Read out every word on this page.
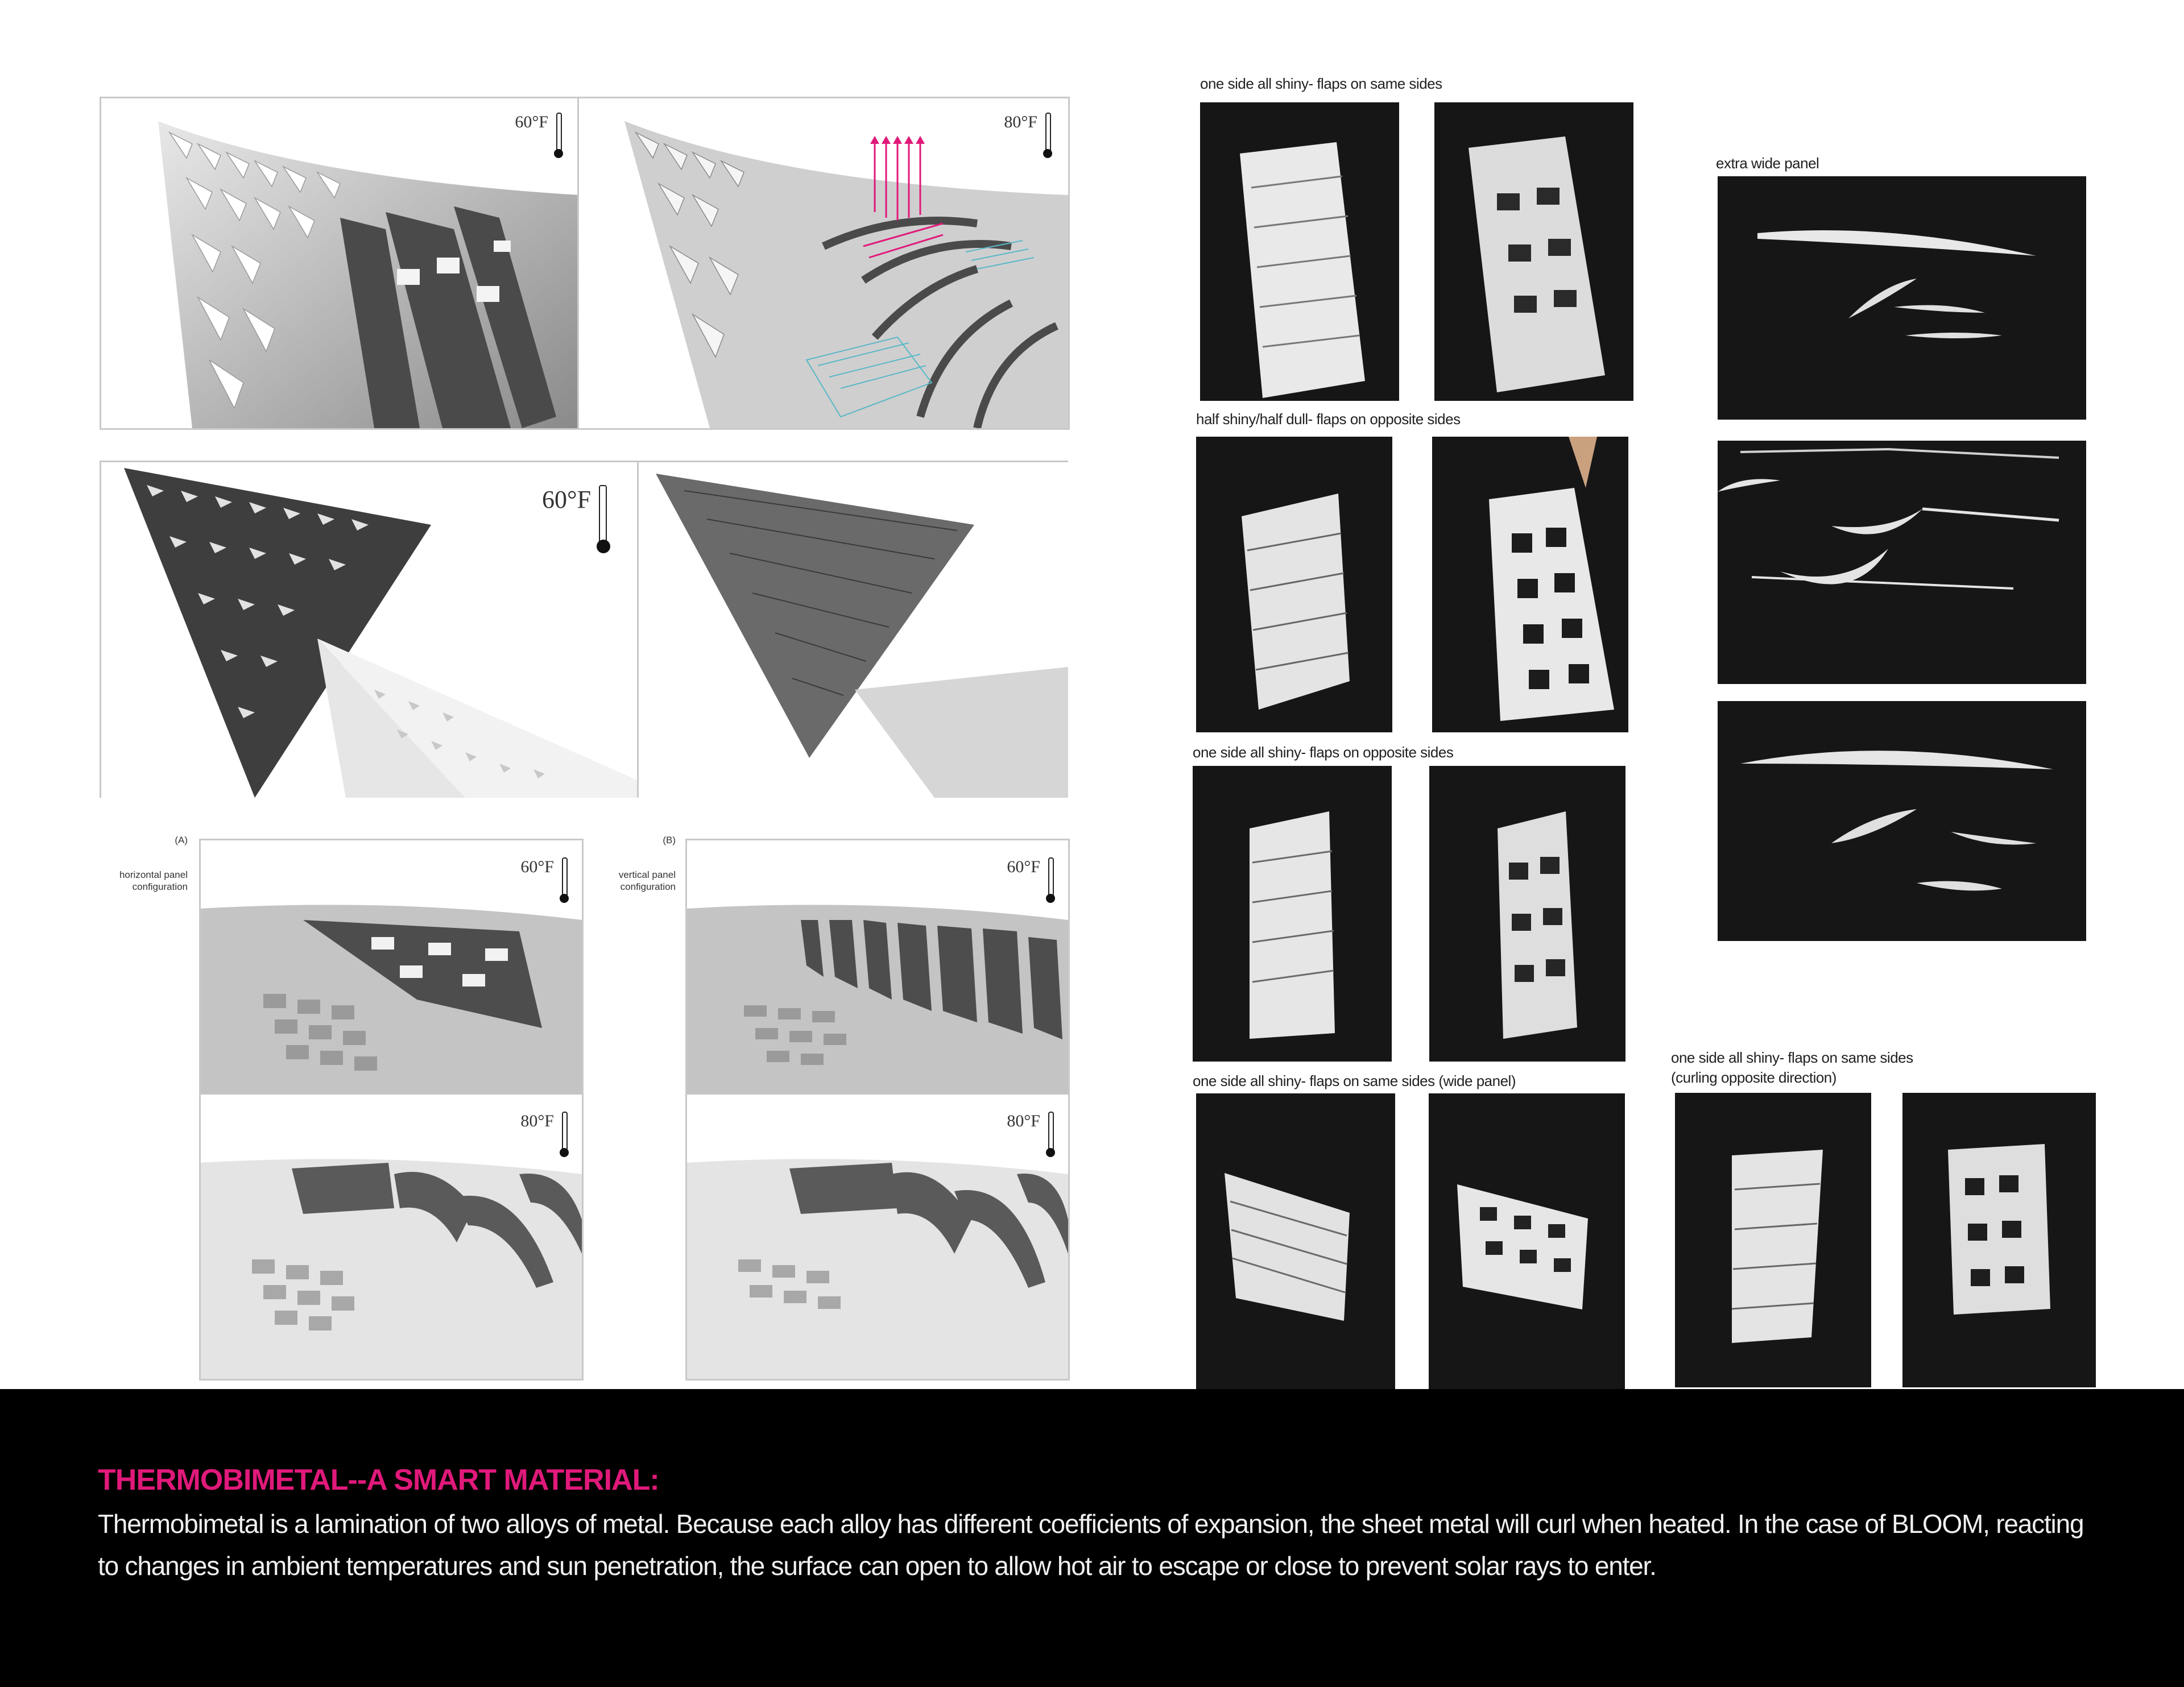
60°F	80°F
60°F
(A)
horizontal panel configuration
(B)
vertical panel configuration
60°F
80°F
60°F
80°F
one side all shiny- flaps on same sides
half shiny/half dull- flaps on opposite sides
one side all shiny- flaps on opposite sides
one side all shiny- flaps on same sides (wide panel)
extra wide panel
one side all shiny- flaps on same sides
(curling opposite direction)
THERMOBIMETAL--A SMART MATERIAL:
Thermobimetal is a lamination of two alloys of metal. Because each alloy has different coefficients of expansion, the sheet metal will curl when heated. In the case of BLOOM, reacting to changes in ambient temperatures and sun penetration, the surface can open to allow hot air to escape or close to prevent solar rays to enter.
